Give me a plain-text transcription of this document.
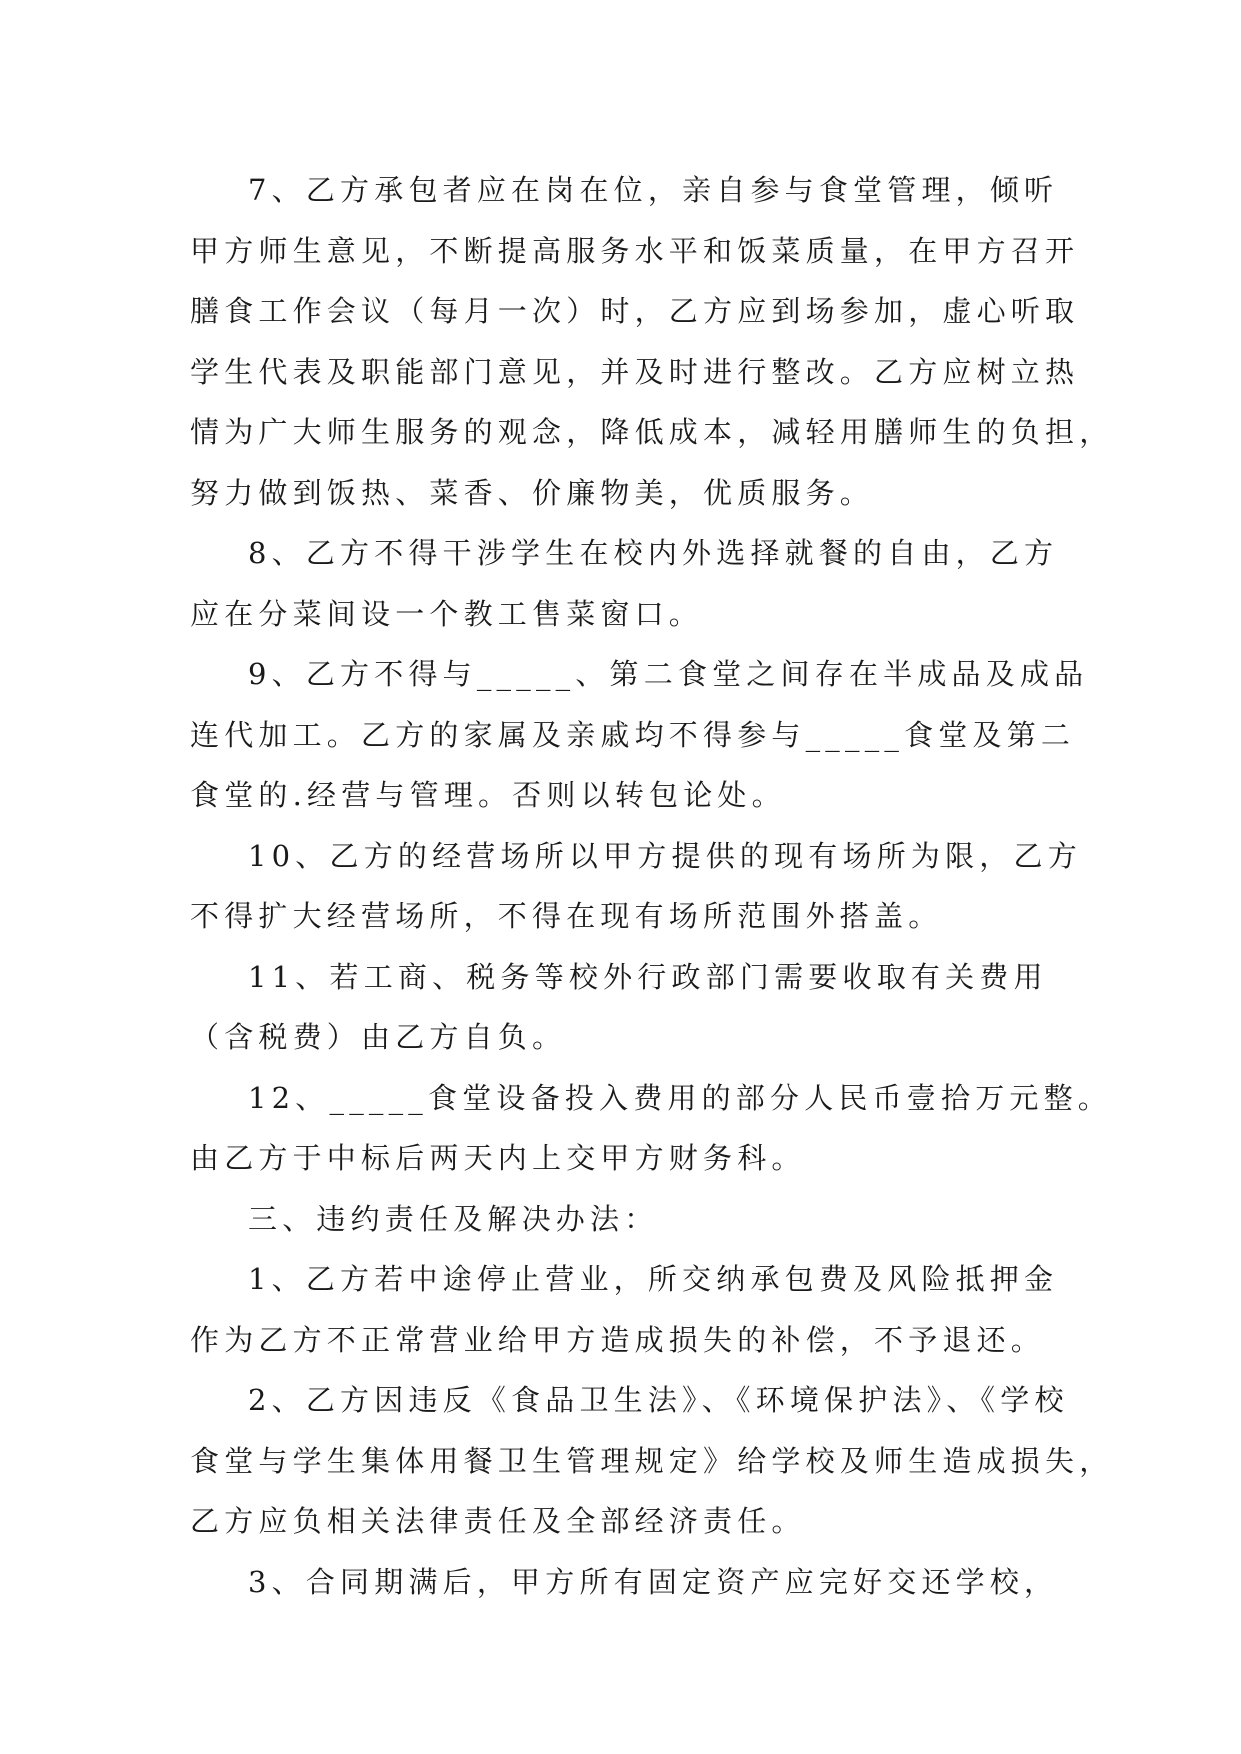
7、乙方承包者应在岗在位，亲自参与食堂管理，倾听
甲方师生意见，不断提高服务水平和饭菜质量，在甲方召开
膳食工作会议（每月一次）时，乙方应到场参加，虚心听取
学生代表及职能部门意见，并及时进行整改。乙方应树立热
情为广大师生服务的观念，降低成本，减轻用膳师生的负担，
努力做到饭热、菜香、价廉物美，优质服务。

8、乙方不得干涉学生在校内外选择就餐的自由，乙方
应在分菜间设一个教工售菜窗口。

9、乙方不得与_____、第二食堂之间存在半成品及成品
连代加工。乙方的家属及亲戚均不得参与_____食堂及第二
食堂的.经营与管理。否则以转包论处。

10、乙方的经营场所以甲方提供的现有场所为限，乙方
不得扩大经营场所，不得在现有场所范围外搭盖。

11、若工商、税务等校外行政部门需要收取有关费用
（含税费）由乙方自负。

12、_____食堂设备投入费用的部分人民币壹拾万元整。
由乙方于中标后两天内上交甲方财务科。

三、违约责任及解决办法：

1、乙方若中途停止营业，所交纳承包费及风险抵押金
作为乙方不正常营业给甲方造成损失的补偿，不予退还。

2、乙方因违反《食品卫生法》、《环境保护法》、《学校
食堂与学生集体用餐卫生管理规定》给学校及师生造成损失，
乙方应负相关法律责任及全部经济责任。

3、合同期满后，甲方所有固定资产应完好交还学校，
